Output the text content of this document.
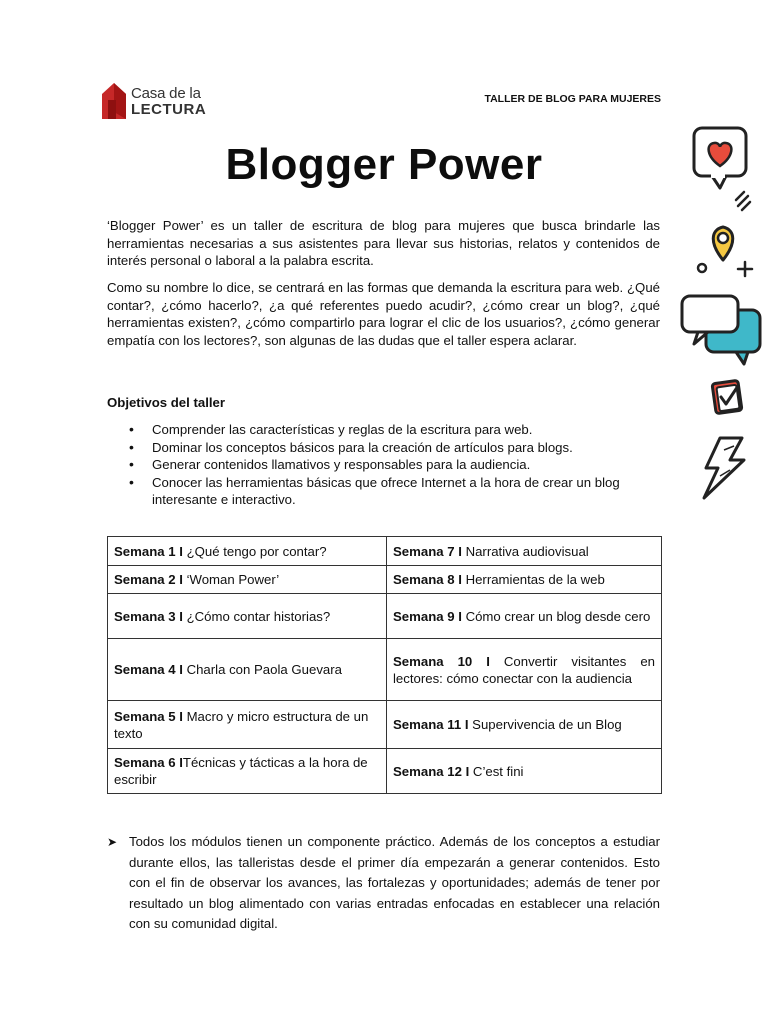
Casa de la
LECTURA
TALLER DE BLOG PARA MUJERES
Blogger Power

‘Blogger Power’ es un taller de escritura de blog para mujeres que busca brindarle las herramientas necesarias a sus asistentes para llevar sus historias, relatos y contenidos de interés personal o laboral a la palabra escrita.

Como su nombre lo dice, se centrará en las formas que demanda la escritura para web. ¿Qué contar?, ¿cómo hacerlo?, ¿a qué referentes puedo acudir?, ¿cómo crear un blog?, ¿qué herramientas existen?, ¿cómo compartirlo para lograr el clic de los usuarios?, ¿cómo generar empatía con los lectores?, son algunas de las dudas que el taller espera aclarar.

Objetivos del taller
• Comprender las características y reglas de la escritura para web.
• Dominar los conceptos básicos para la creación de artículos para blogs.
• Generar contenidos llamativos y responsables para la audiencia.
• Conocer las herramientas básicas que ofrece Internet a la hora de crear un blog interesante e interactivo.
Semana 1 I ¿Qué tengo por contar?	Semana 7 I Narrativa audiovisual
Semana 2 I ‘Woman Power’	Semana 8 I Herramientas de la web
Semana 3 I ¿Cómo contar historias?	Semana 9 I Cómo crear un blog desde cero
Semana 4 I Charla con Paola Guevara	Semana 10 I Convertir visitantes en lectores: cómo conectar con la audiencia
Semana 5 I Macro y micro estructura de un texto	Semana 11 I Supervivencia de un Blog
Semana 6 ITécnicas y tácticas a la hora de escribir	Semana 12 I C’est fini
➤ Todos los módulos tienen un componente práctico. Además de los conceptos a estudiar durante ellos, las talleristas desde el primer día empezarán a generar contenidos. Esto con el fin de observar los avances, las fortalezas y oportunidades; además de tener por resultado un blog alimentado con varias entradas enfocadas en establecer una relación con su comunidad digital.
